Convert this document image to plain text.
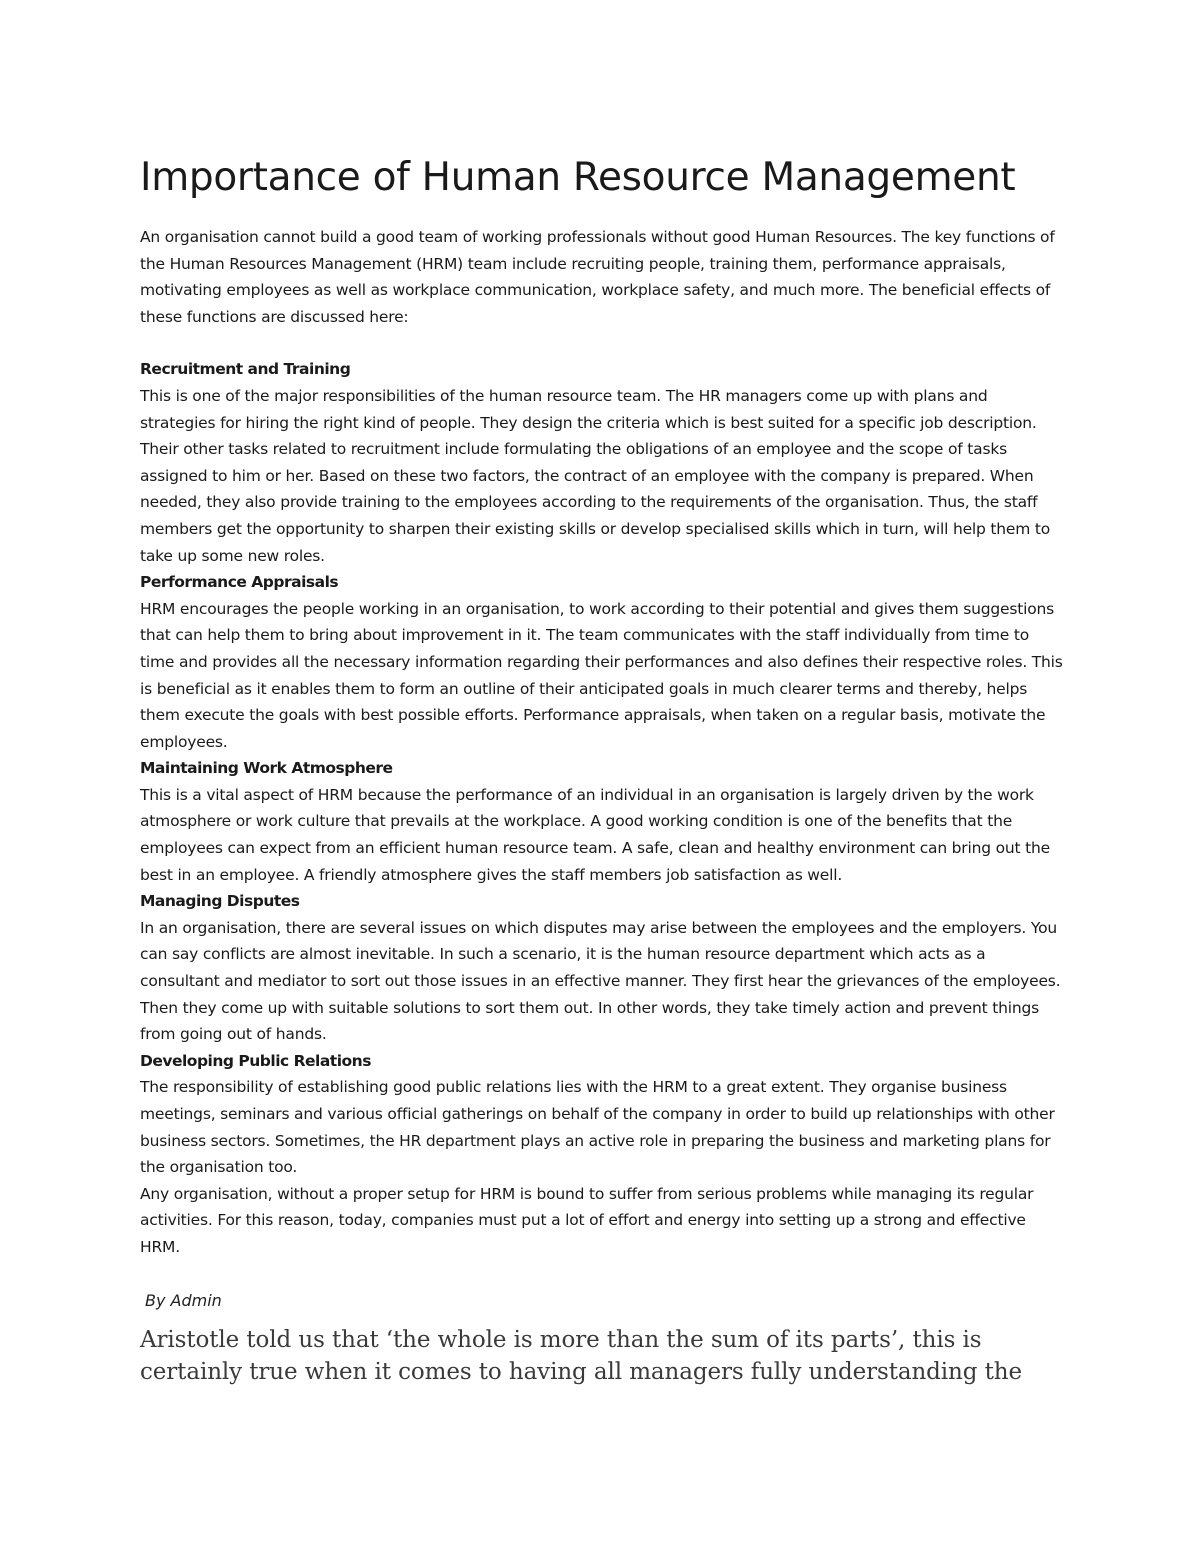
Importance of Human Resource Management

An organisation cannot build a good team of working professionals without good Human Resources. The key functions of the Human Resources Management (HRM) team include recruiting people, training them, performance appraisals, motivating employees as well as workplace communication, workplace safety, and much more. The beneficial effects of these functions are discussed here:

Recruitment and Training

This is one of the major responsibilities of the human resource team. The HR managers come up with plans and strategies for hiring the right kind of people. They design the criteria which is best suited for a specific job description. Their other tasks related to recruitment include formulating the obligations of an employee and the scope of tasks assigned to him or her. Based on these two factors, the contract of an employee with the company is prepared. When needed, they also provide training to the employees according to the requirements of the organisation. Thus, the staff members get the opportunity to sharpen their existing skills or develop specialised skills which in turn, will help them to take up some new roles.

Performance Appraisals

HRM encourages the people working in an organisation, to work according to their potential and gives them suggestions that can help them to bring about improvement in it. The team communicates with the staff individually from time to time and provides all the necessary information regarding their performances and also defines their respective roles. This is beneficial as it enables them to form an outline of their anticipated goals in much clearer terms and thereby, helps them execute the goals with best possible efforts. Performance appraisals, when taken on a regular basis, motivate the employees.

Maintaining Work Atmosphere

This is a vital aspect of HRM because the performance of an individual in an organisation is largely driven by the work atmosphere or work culture that prevails at the workplace. A good working condition is one of the benefits that the employees can expect from an efficient human resource team. A safe, clean and healthy environment can bring out the best in an employee. A friendly atmosphere gives the staff members job satisfaction as well.

Managing Disputes

In an organisation, there are several issues on which disputes may arise between the employees and the employers. You can say conflicts are almost inevitable. In such a scenario, it is the human resource department which acts as a consultant and mediator to sort out those issues in an effective manner. They first hear the grievances of the employees. Then they come up with suitable solutions to sort them out. In other words, they take timely action and prevent things from going out of hands.

Developing Public Relations

The responsibility of establishing good public relations lies with the HRM to a great extent. They organise business meetings, seminars and various official gatherings on behalf of the company in order to build up relationships with other business sectors. Sometimes, the HR department plays an active role in preparing the business and marketing plans for the organisation too.

Any organisation, without a proper setup for HRM is bound to suffer from serious problems while managing its regular activities. For this reason, today, companies must put a lot of effort and energy into setting up a strong and effective HRM.

By Admin

Aristotle told us that ‘the whole is more than the sum of its parts’, this is certainly true when it comes to having all managers fully understanding the
